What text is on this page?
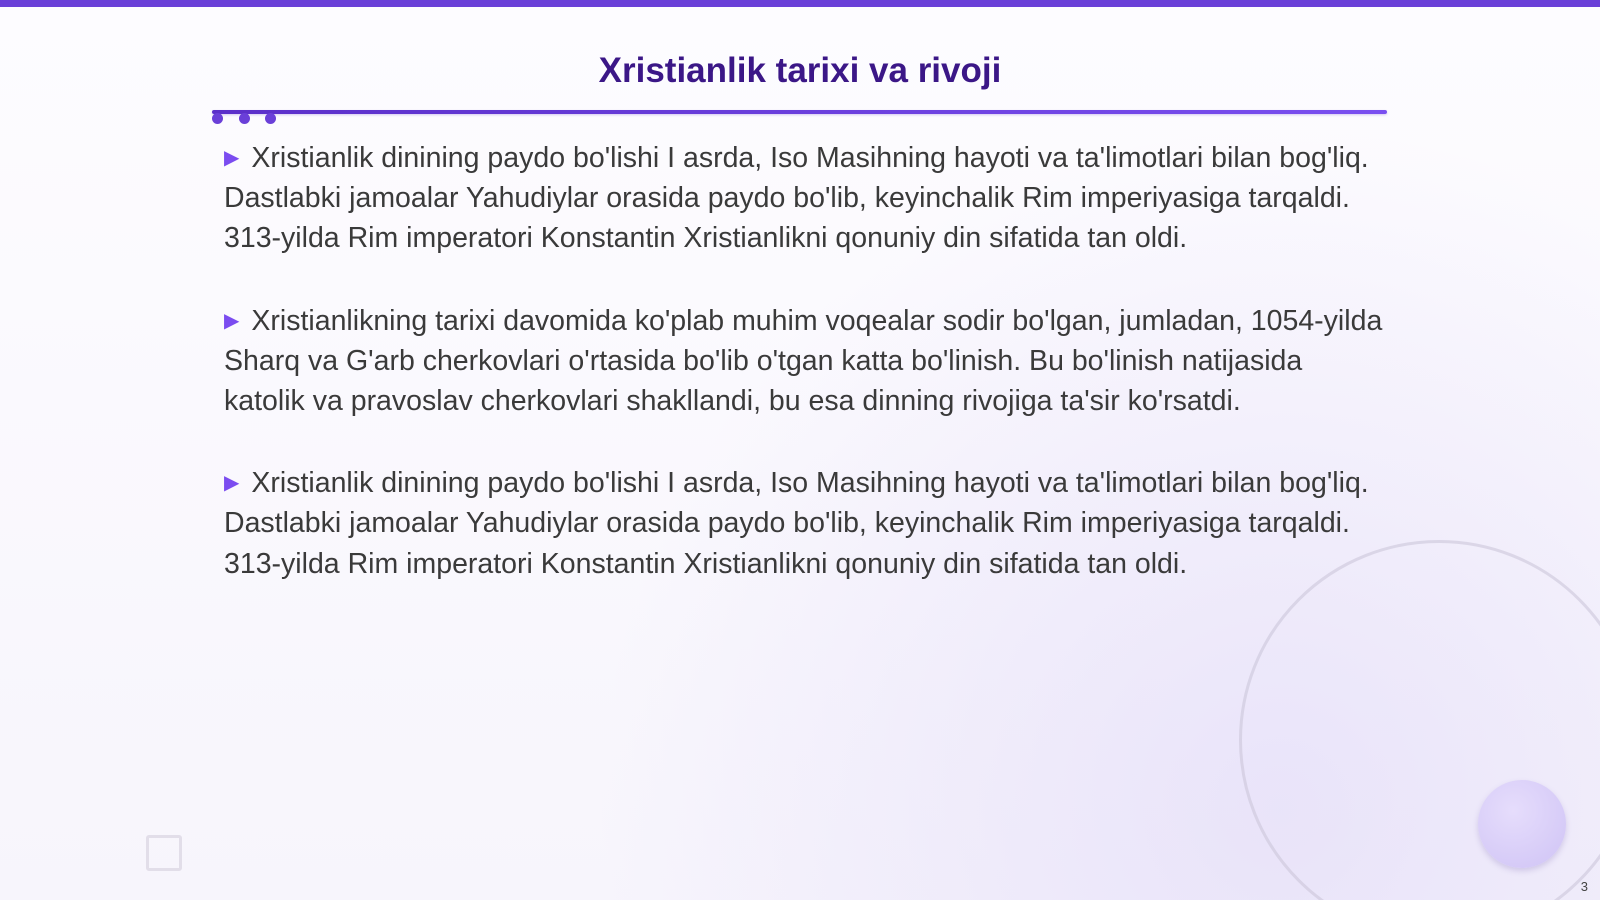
Xristianlik tarixi va rivoji

▶ Xristianlik dinining paydo bo'lishi I asrda, Iso Masihning hayoti va ta'limotlari bilan bog'liq. Dastlabki jamoalar Yahudiylar orasida paydo bo'lib, keyinchalik Rim imperiyasiga tarqaldi. 313-yilda Rim imperatori Konstantin Xristianlikni qonuniy din sifatida tan oldi.

▶ Xristianlikning tarixi davomida ko'plab muhim voqealar sodir bo'lgan, jumladan, 1054-yilda Sharq va G'arb cherkovlari o'rtasida bo'lib o'tgan katta bo'linish. Bu bo'linish natijasida katolik va pravoslav cherkovlari shakllandi, bu esa dinning rivojiga ta'sir ko'rsatdi.

▶ Xristianlik dinining paydo bo'lishi I asrda, Iso Masihning hayoti va ta'limotlari bilan bog'liq. Dastlabki jamoalar Yahudiylar orasida paydo bo'lib, keyinchalik Rim imperiyasiga tarqaldi. 313-yilda Rim imperatori Konstantin Xristianlikni qonuniy din sifatida tan oldi.

3
